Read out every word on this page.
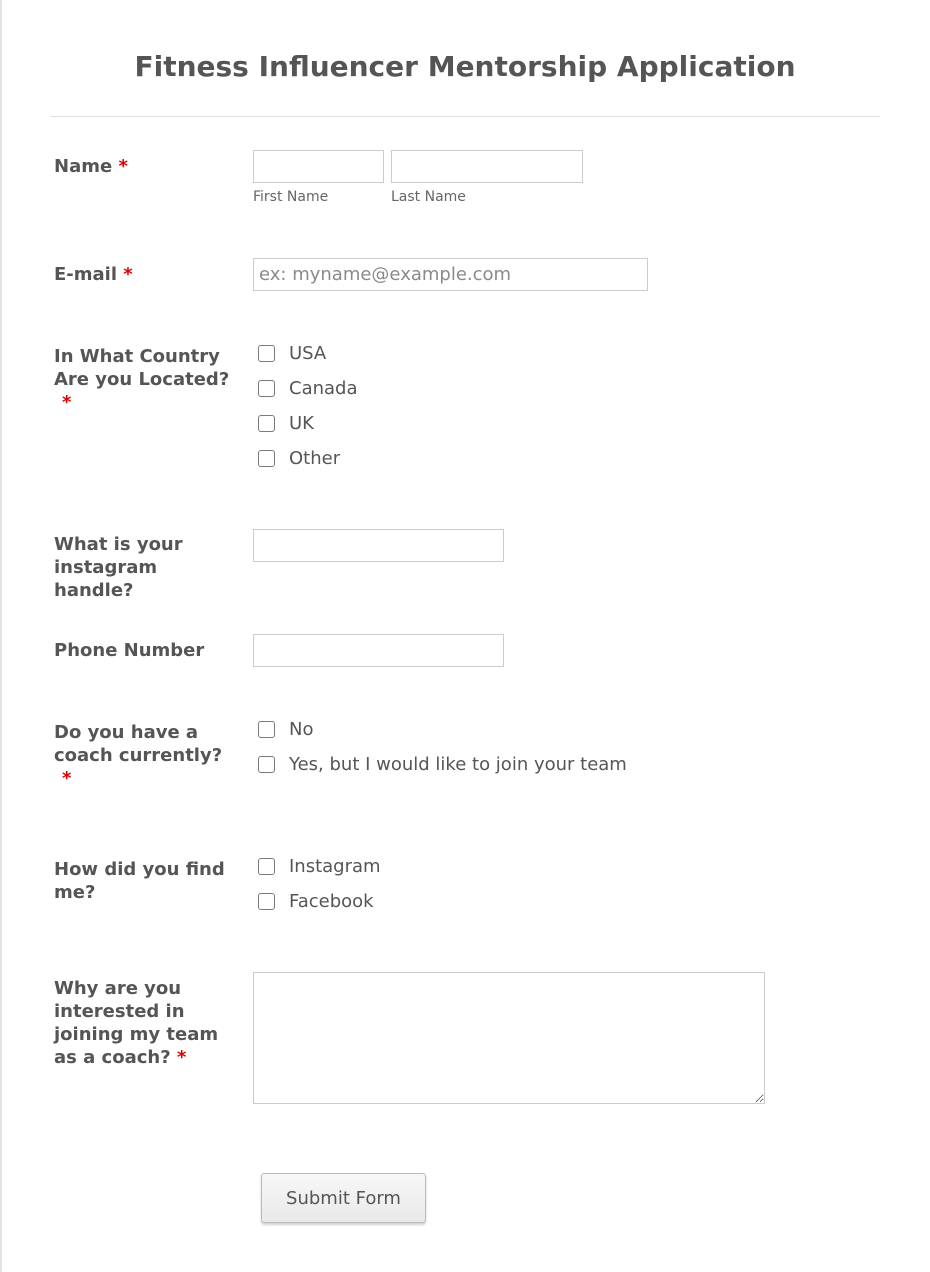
Fitness Influencer Mentorship Application
Name *
First Name	Last Name
E-mail *
ex: myname@example.com
In What Country Are you Located?
*
USA
Canada
UK
Other
What is your instagram handle?
Phone Number
Do you have a coach currently?
*
No
Yes, but I would like to join your team
How did you find me?
Instagram
Facebook
Why are you interested in joining my team as a coach? *
Submit Form
